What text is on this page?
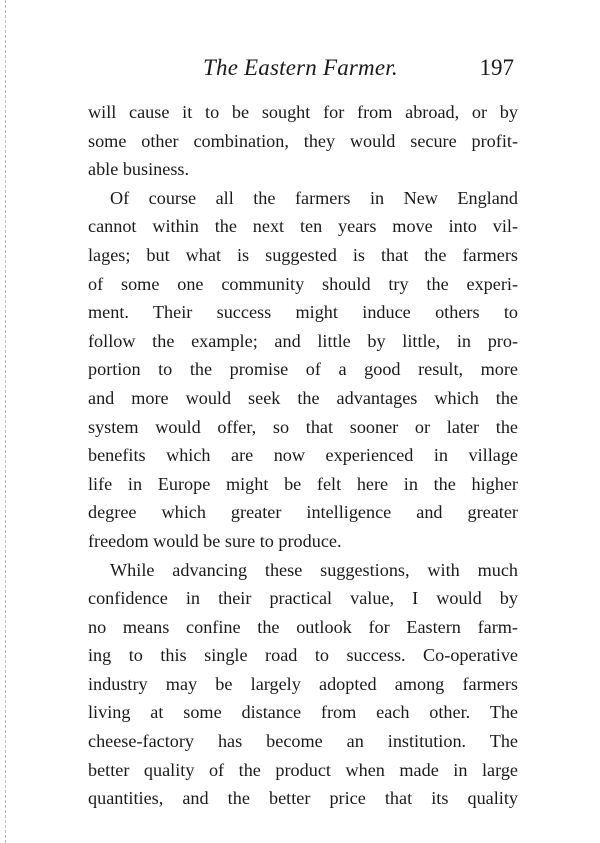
The Eastern Farmer.	197
will cause it to be sought for from abroad, or by
some other combination, they would secure profit-
able business.
Of course all the farmers in New England
cannot within the next ten years move into vil-
lages; but what is suggested is that the farmers
of some one community should try the experi-
ment. Their success might induce others to
follow the example; and little by little, in pro-
portion to the promise of a good result, more
and more would seek the advantages which the
system would offer, so that sooner or later the
benefits which are now experienced in village
life in Europe might be felt here in the higher
degree which greater intelligence and greater
freedom would be sure to produce.
While advancing these suggestions, with much
confidence in their practical value, I would by
no means confine the outlook for Eastern farm-
ing to this single road to success. Co-operative
industry may be largely adopted among farmers
living at some distance from each other. The
cheese-factory has become an institution. The
better quality of the product when made in large
quantities, and the better price that its quality
